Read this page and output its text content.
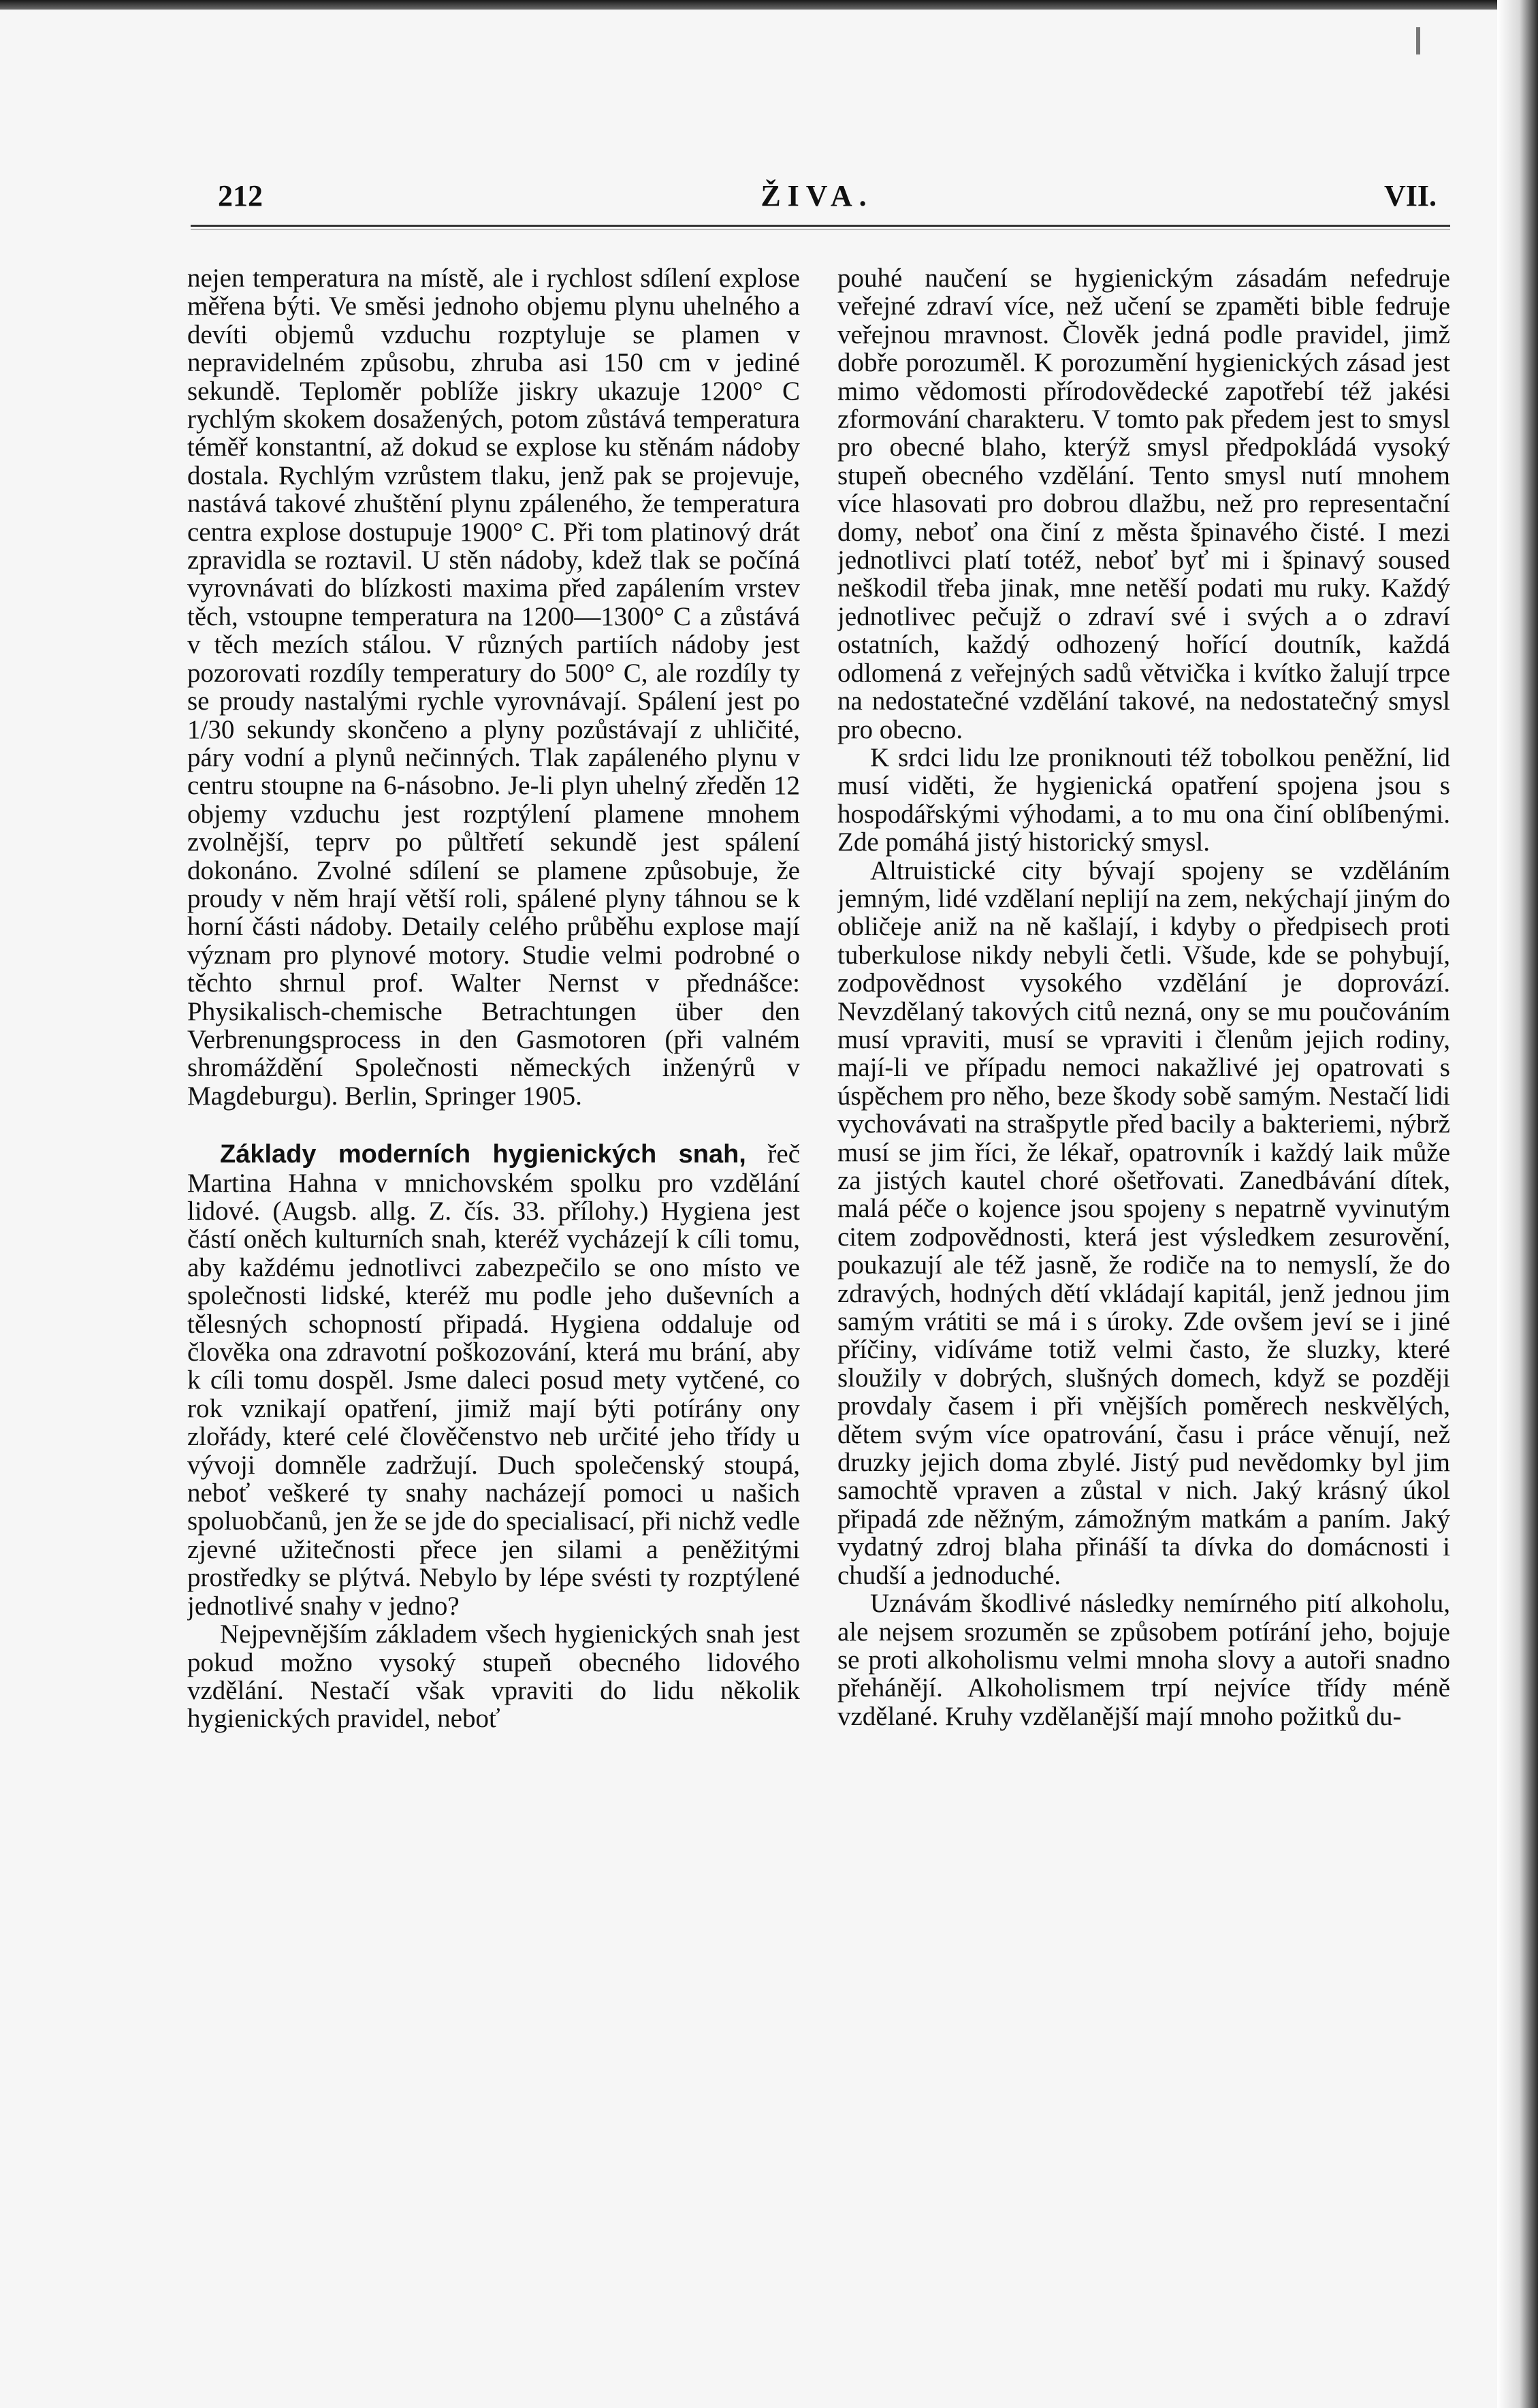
212	ŽIVA.	VII.

nejen temperatura na místě, ale i rychlost sdílení explose měřena býti. Ve směsi jednoho objemu plynu uhelného a devíti objemů vzduchu rozptyluje se plamen v nepravidelném způsobu, zhruba asi 150 cm v jediné sekundě. Teploměr poblíže jiskry ukazuje 1200° C rychlým skokem dosažených, potom zůstává temperatura téměř konstantní, až dokud se explose ku stěnám nádoby dostala. Rychlým vzrůstem tlaku, jenž pak se projevuje, nastává takové zhuštění plynu zpáleného, že temperatura centra explose dostupuje 1900° C. Při tom platinový drát zpravidla se roztavil. U stěn nádoby, kdež tlak se počíná vyrovnávati do blízkosti maxima před zapálením vrstev těch, vstoupne temperatura na 1200—1300° C a zůstává v těch mezích stálou. V různých partiích nádoby jest pozorovati rozdíly temperatury do 500° C, ale rozdíly ty se proudy nastalými rychle vyrovnávají. Spálení jest po 1/30 sekundy skončeno a plyny pozůstávají z uhličité, páry vodní a plynů nečinných. Tlak zapáleného plynu v centru stoupne na 6-násobno. Je-li plyn uhelný zředěn 12 objemy vzduchu jest rozptýlení plamene mnohem zvolnější, teprv po půltřetí sekundě jest spálení dokonáno. Zvolné sdílení se plamene způsobuje, že proudy v něm hrají větší roli, spálené plyny táhnou se k horní části nádoby. Detaily celého průběhu explose mají význam pro plynové motory. Studie velmi podrobné o těchto shrnul prof. Walter Nernst v přednášce: Physikalisch-chemische Betrachtungen über den Verbrenungsprocess in den Gasmotoren (při valném shromáždění Společnosti německých inženýrů v Magdeburgu). Berlin, Springer 1905.

Základy moderních hygienických snah, řeč Martina Hahna v mnichovském spolku pro vzdělání lidové. (Augsb. allg. Z. čís. 33. přílohy.) Hygiena jest částí oněch kulturních snah, kteréž vycházejí k cíli tomu, aby každému jednotlivci zabezpečilo se ono místo ve společnosti lidské, kteréž mu podle jeho duševních a tělesných schopností připadá. Hygiena oddaluje od člověka ona zdravotní poškozování, která mu brání, aby k cíli tomu dospěl. Jsme daleci posud mety vytčené, co rok vznikají opatření, jimiž mají býti potírány ony zlořády, které celé člověčenstvo neb určité jeho třídy u vývoji domněle zadržují. Duch společenský stoupá, neboť veškeré ty snahy nacházejí pomoci u našich spoluobčanů, jen že se jde do specialisací, při nichž vedle zjevné užitečnosti přece jen silami a peněžitými prostředky se plýtvá. Nebylo by lépe svésti ty rozptýlené jednotlivé snahy v jedno?

Nejpevnějším základem všech hygienických snah jest pokud možno vysoký stupeň obecného lidového vzdělání. Nestačí však vpraviti do lidu několik hygienických pravidel, neboť

pouhé naučení se hygienickým zásadám nefedruje veřejné zdraví více, než učení se zpaměti bible fedruje veřejnou mravnost. Člověk jedná podle pravidel, jimž dobře porozuměl. K porozumění hygienických zásad jest mimo vědomosti přírodovědecké zapotřebí též jakési zformování charakteru. V tomto pak předem jest to smysl pro obecné blaho, kterýž smysl předpokládá vysoký stupeň obecného vzdělání. Tento smysl nutí mnohem více hlasovati pro dobrou dlažbu, než pro representační domy, neboť ona činí z města špinavého čisté. I mezi jednotlivci platí totéž, neboť byť mi i špinavý soused neškodil třeba jinak, mne netěší podati mu ruky. Každý jednotlivec pečujž o zdraví své i svých a o zdraví ostatních, každý odhozený hořící doutník, každá odlomená z veřejných sadů větvička i kvítko žalují trpce na nedostatečné vzdělání takové, na nedostatečný smysl pro obecno.

K srdci lidu lze proniknouti též tobolkou peněžní, lid musí viděti, že hygienická opatření spojena jsou s hospodářskými výhodami, a to mu ona činí oblíbenými. Zde pomáhá jistý historický smysl.

Altruistické city bývají spojeny se vzděláním jemným, lidé vzdělaní neplijí na zem, nekýchají jiným do obličeje aniž na ně kašlají, i kdyby o předpisech proti tuberkulose nikdy nebyli četli. Všude, kde se pohybují, zodpovědnost vysokého vzdělání je doprovází. Nevzdělaný takových citů nezná, ony se mu poučováním musí vpraviti, musí se vpraviti i členům jejich rodiny, mají-li ve případu nemoci nakažlivé jej opatrovati s úspěchem pro něho, beze škody sobě samým. Nestačí lidi vychovávati na strašpytle před bacily a bakteriemi, nýbrž musí se jim říci, že lékař, opatrovník i každý laik může za jistých kautel choré ošetřovati. Zanedbávání dítek, malá péče o kojence jsou spojeny s nepatrně vyvinutým citem zodpovědnosti, která jest výsledkem zesurovění, poukazují ale též jasně, že rodiče na to nemyslí, že do zdravých, hodných dětí vkládají kapitál, jenž jednou jim samým vrátiti se má i s úroky. Zde ovšem jeví se i jiné příčiny, vidíváme totiž velmi často, že sluzky, které sloužily v dobrých, slušných domech, když se později provdaly časem i při vnějších poměrech neskvělých, dětem svým více opatrování, času i práce věnují, než druzky jejich doma zbylé. Jistý pud nevědomky byl jim samochtě vpraven a zůstal v nich. Jaký krásný úkol připadá zde něžným, zámožným matkám a paním. Jaký vydatný zdroj blaha přináší ta dívka do domácnosti i chudší a jednoduché.

Uznávám škodlivé následky nemírného pití alkoholu, ale nejsem srozuměn se způsobem potírání jeho, bojuje se proti alkoholismu velmi mnoha slovy a autoři snadno přehánějí. Alkoholismem trpí nejvíce třídy méně vzdělané. Kruhy vzdělanější mají mnoho požitků du-
